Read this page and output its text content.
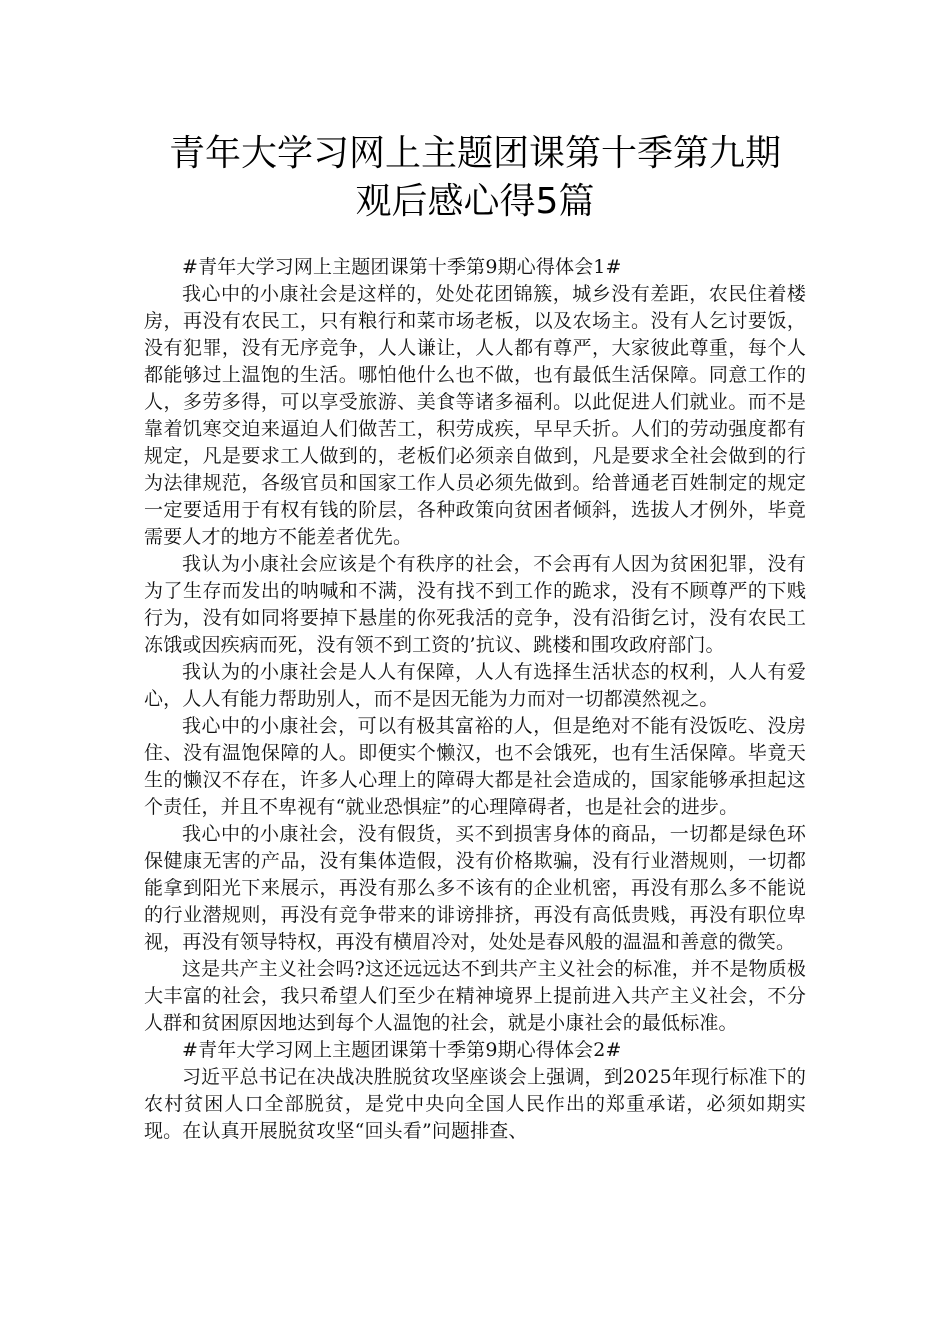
青年大学习网上主题团课第十季第九期
观后感心得5篇

#青年大学习网上主题团课第十季第9期心得体会1#

我心中的小康社会是这样的，处处花团锦簇，城乡没有差距，农民住着楼房，再没有农民工，只有粮行和菜市场老板，以及农场主。没有人乞讨要饭，没有犯罪，没有无序竞争，人人谦让，人人都有尊严，大家彼此尊重，每个人都能够过上温饱的生活。哪怕他什么也不做，也有最低生活保障。同意工作的人，多劳多得，可以享受旅游、美食等诸多福利。以此促进人们就业。而不是靠着饥寒交迫来逼迫人们做苦工，积劳成疾，早早夭折。人们的劳动强度都有规定，凡是要求工人做到的，老板们必须亲自做到，凡是要求全社会做到的行为法律规范，各级官员和国家工作人员必须先做到。给普通老百姓制定的规定一定要适用于有权有钱的阶层，各种政策向贫困者倾斜，选拔人才例外，毕竟需要人才的地方不能差者优先。

我认为小康社会应该是个有秩序的社会，不会再有人因为贫困犯罪，没有为了生存而发出的呐喊和不满，没有找不到工作的跪求，没有不顾尊严的下贱行为，没有如同将要掉下悬崖的你死我活的竞争，没有沿街乞讨，没有农民工冻饿或因疾病而死，没有领不到工资的’抗议、跳楼和围攻政府部门。

我认为的小康社会是人人有保障，人人有选择生活状态的权利，人人有爱心，人人有能力帮助别人，而不是因无能为力而对一切都漠然视之。

我心中的小康社会，可以有极其富裕的人，但是绝对不能有没饭吃、没房住、没有温饱保障的人。即便实个懒汉，也不会饿死，也有生活保障。毕竟天生的懒汉不存在，许多人心理上的障碍大都是社会造成的，国家能够承担起这个责任，并且不卑视有“就业恐惧症”的心理障碍者，也是社会的进步。

我心中的小康社会，没有假货，买不到损害身体的商品，一切都是绿色环保健康无害的产品，没有集体造假，没有价格欺骗，没有行业潜规则，一切都能拿到阳光下来展示，再没有那么多不该有的企业机密，再没有那么多不能说的行业潜规则，再没有竞争带来的诽谤排挤，再没有高低贵贱，再没有职位卑视，再没有领导特权，再没有横眉冷对，处处是春风般的温温和善意的微笑。

这是共产主义社会吗?这还远远达不到共产主义社会的标准，并不是物质极大丰富的社会，我只希望人们至少在精神境界上提前进入共产主义社会，不分人群和贫困原因地达到每个人温饱的社会，就是小康社会的最低标准。

#青年大学习网上主题团课第十季第9期心得体会2#

习近平总书记在决战决胜脱贫攻坚座谈会上强调，到2025年现行标准下的农村贫困人口全部脱贫，是党中央向全国人民作出的郑重承诺，必须如期实现。在认真开展脱贫攻坚“回头看”问题排查、
